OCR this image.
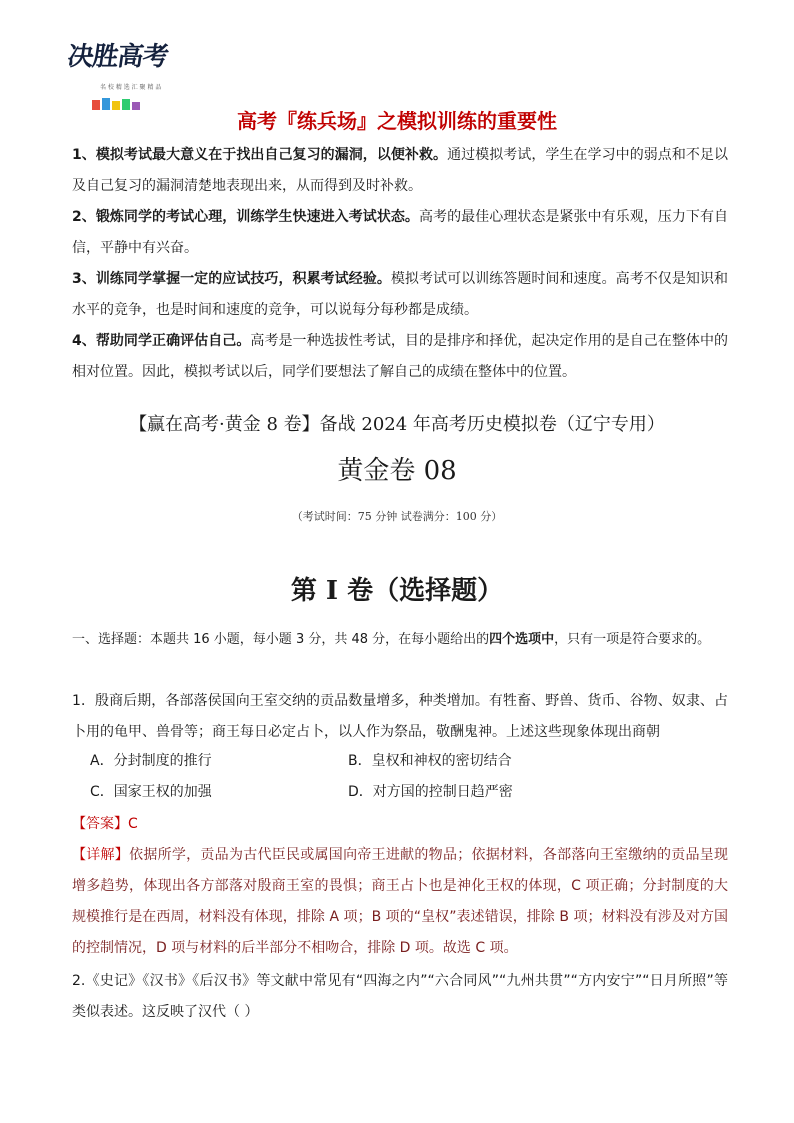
决胜高考
名 校 精 选 汇 聚 精 品
高考『练兵场』之模拟训练的重要性
1、模拟考试最大意义在于找出自己复习的漏洞，以便补救。通过模拟考试，学生在学习中的弱点和不足以及自己复习的漏洞清楚地表现出来，从而得到及时补救。
2、锻炼同学的考试心理，训练学生快速进入考试状态。高考的最佳心理状态是紧张中有乐观，压力下有自信，平静中有兴奋。
3、训练同学掌握一定的应试技巧，积累考试经验。模拟考试可以训练答题时间和速度。高考不仅是知识和水平的竞争，也是时间和速度的竞争，可以说每分每秒都是成绩。
4、帮助同学正确评估自己。高考是一种选拔性考试，目的是排序和择优，起决定作用的是自己在整体中的相对位置。因此，模拟考试以后，同学们要想法了解自己的成绩在整体中的位置。
【赢在高考·黄金 8 卷】备战 2024 年高考历史模拟卷（辽宁专用）
黄金卷 08
（考试时间：75 分钟 试卷满分：100 分）
第 I 卷（选择题）
一、选择题：本题共 16 小题，每小题 3 分，共 48 分，在每小题给出的四个选项中，只有一项是符合要求的。
1．殷商后期，各部落侯国向王室交纳的贡品数量增多，种类增加。有牲畜、野兽、货币、谷物、奴隶、占卜用的龟甲、兽骨等；商王每日必定占卜，以人作为祭品，敬酬鬼神。上述这些现象体现出商朝
A．分封制度的推行	B．皇权和神权的密切结合
C．国家王权的加强	D．对方国的控制日趋严密
【答案】C
【详解】依据所学，贡品为古代臣民或属国向帝王进献的物品；依据材料，各部落向王室缴纳的贡品呈现增多趋势，体现出各方部落对殷商王室的畏惧；商王占卜也是神化王权的体现，C 项正确；分封制度的大规模推行是在西周，材料没有体现，排除 A 项；B 项的“皇权”表述错误，排除 B 项；材料没有涉及对方国的控制情况，D 项与材料的后半部分不相吻合，排除 D 项。故选 C 项。
2.《史记》《汉书》《后汉书》等文献中常见有“四海之内”“六合同风”“九州共贯”“方内安宁”“日月所照”等类似表述。这反映了汉代（ ）
